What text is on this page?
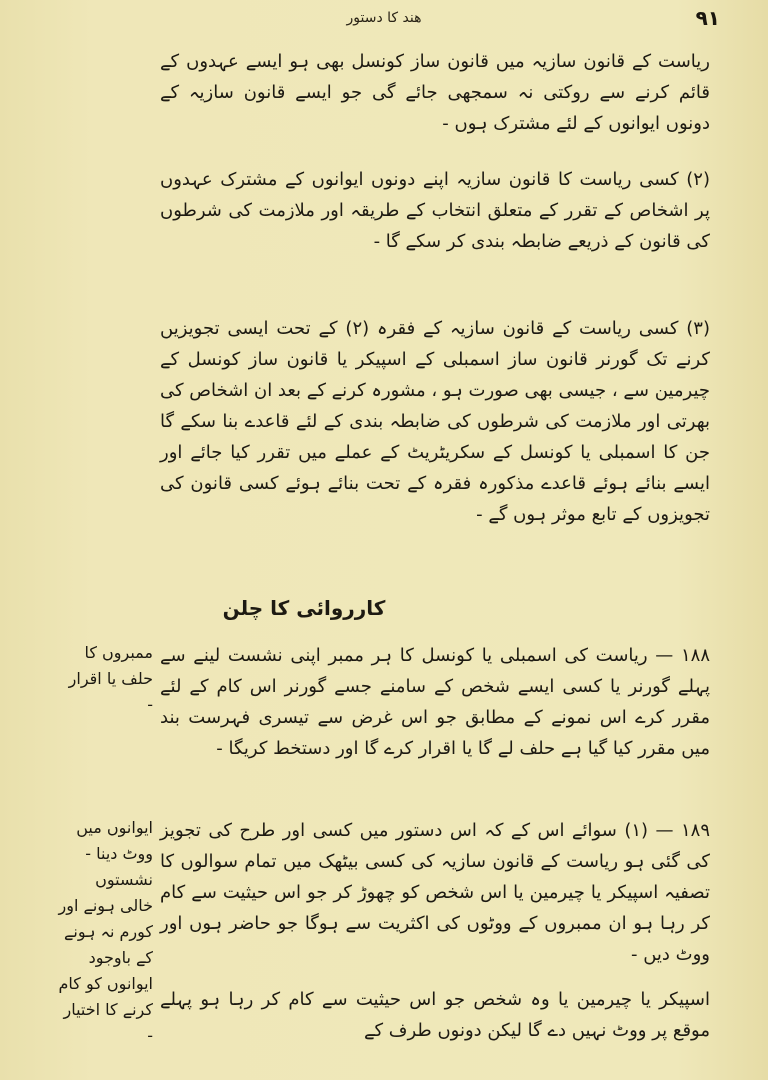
هند کا دستور	۹۱

ریاست کے قانون سازیہ میں قانون ساز کونسل بھی ہو ایسے عہدوں کے قائم کرنے سے روکتی نہ سمجھی جائے گی جو ایسے قانون سازیہ کے دونوں ایوانوں کے لئے مشترک ہوں -

(۲) کسی ریاست کا قانون سازیہ اپنے دونوں ایوانوں کے مشترک عہدوں پر اشخاص کے تقرر کے متعلق انتخاب کے طریقہ اور ملازمت کی شرطوں کی قانون کے ذریعے ضابطہ بندی کر سکے گا -

(۳) کسی ریاست کے قانون سازیہ کے فقرہ (۲) کے تحت ایسی تجویزیں کرنے تک گورنر قانون ساز اسمبلی کے اسپیکر یا قانون ساز کونسل کے چیرمین سے ، جیسی بھی صورت ہو ، مشورہ کرنے کے بعد ان اشخاص کی بھرتی اور ملازمت کی شرطوں کی ضابطہ بندی کے لئے قاعدے بنا سکے گا جن کا اسمبلی یا کونسل کے سکریٹریٹ کے عملے میں تقرر کیا جائے اور ایسے بنائے ہوئے قاعدے مذکورہ فقرہ کے تحت بنائے ہوئے کسی قانون کی تجویزوں کے تابع موثر ہوں گے -

کارروائی کا چلن

۱۸۸ — ریاست کی اسمبلی یا کونسل کا ہر ممبر اپنی نشست لینے سے پہلے گورنر یا کسی ایسے شخص کے سامنے جسے گورنر اس کام کے لئے مقرر کرے اس نمونے کے مطابق جو اس غرض سے تیسری فہرست بند میں مقرر کیا گیا ہے حلف لے گا یا اقرار کرے گا اور دستخط کریگا -

ممبروں کا حلف یا اقرار -

۱۸۹ — (۱) سوائے اس کے کہ اس دستور میں کسی اور طرح کی تجویز کی گئی ہو ریاست کے قانون سازیہ کی کسی بیٹھک میں تمام سوالوں کا تصفیہ اسپیکر یا چیرمین یا اس شخص کو چھوڑ کر جو اس حیثیت سے کام کر رہا ہو ان ممبروں کے ووٹوں کی اکثریت سے ہوگا جو حاضر ہوں اور ووٹ دیں -

ایوانوں میں ووٹ دینا - نشستوں خالی ہونے اور کورم نہ ہونے کے باوجود ایوانوں کو کام کرنے کا اختیار -

اسپیکر یا چیرمین یا وہ شخص جو اس حیثیت سے کام کر رہا ہو پہلے موقع پر ووٹ نہیں دے گا لیکن دونوں طرف کے
